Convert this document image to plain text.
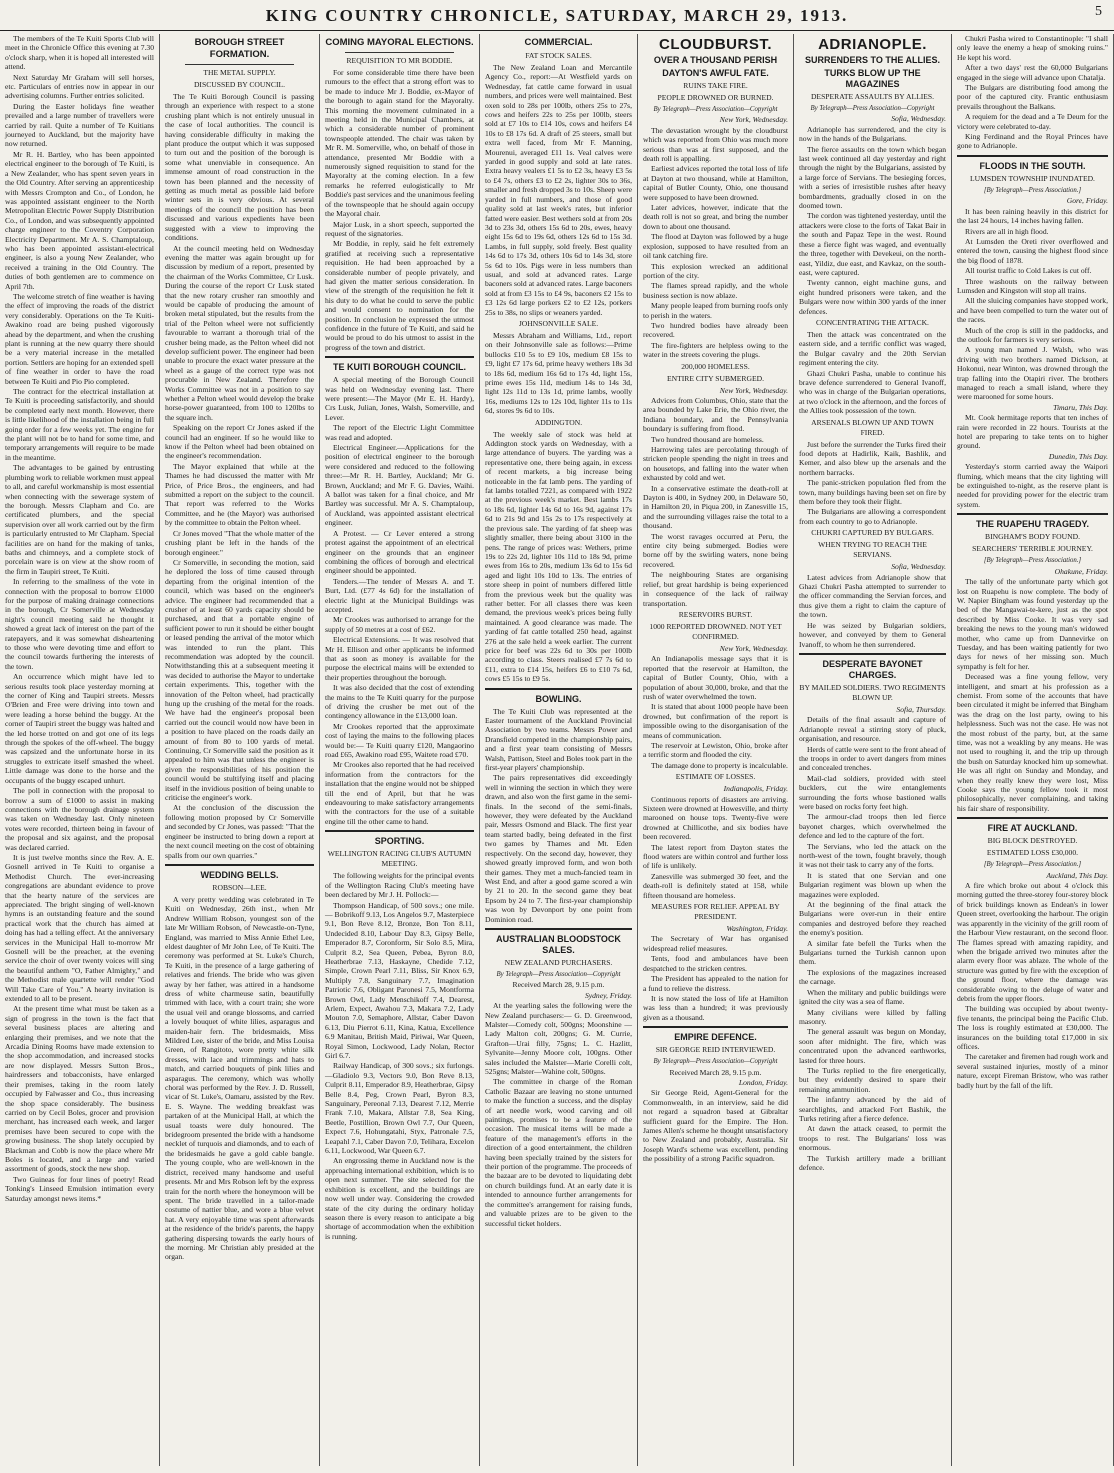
KING COUNTRY CHRONICLE, SATURDAY, MARCH 29, 1913.	5

The members of the Te Kuiti Sports Club will meet in the Chronicle Office this evening at 7.30 o'clock sharp, when it is hoped all interested will attend.

Next Saturday Mr Graham will sell horses, etc. Particulars of entries now in appear in our advertising columns. Further entries solicited.

During the Easter holidays fine weather prevailed and a large number of travellers were carried by rail. Quite a number of Te Kuitians journeyed to Auckland, but the majority have now returned.

Mr R. H. Bartley, who has been appointed electrical engineer to the borough of Te Kuiti, is a New Zealander, who has spent seven years in the Old Country. After serving an apprenticeship with Messrs Crompton and Co., of London, he was appointed assistant engineer to the North Metropolitan Electric Power Supply Distribution Co., of London, and was subsequently appointed charge engineer to the Coventry Corporation Electricity Department. Mr A. S. Champtaloup, who has been appointed assistant-electrical engineer, is also a young New Zealander, who received a training in the Old Country. The duties of both gentlemen are to commence on April 7th.

The welcome stretch of fine weather is having the effect of improving the roads of the district very considerably. Operations on the Te Kuiti-Awakino road are being pushed vigorously ahead by the department, and when the crushing plant is running at the new quarry there should be a very material increase in the metalled portion. Settlers are hoping for an extended spell of fine weather in order to have the road between Te Kuiti and Pio Pio completed.

The contract for the electrical installation at Te Kuiti is proceeding satisfactorily, and should be completed early next month. However, there is little likelihood of the installation being in full going order for a few weeks yet. The engine for the plant will not be to hand for some time, and temporary arrangements will require to be made in the meantime.

The advantages to be gained by entrusting plumbing work to reliable workmen must appeal to all, and careful workmanship is most essential when connecting with the sewerage system of the borough. Messrs Clapham and Co. are certificated plumbers, and the special supervision over all work carried out by the firm is particularly entrusted to Mr Clapham. Special facilities are on hand for the making of tanks, baths and chimneys, and a complete stock of porcelain ware is on view at the show room of the firm in Taupiri street, Te Kuiti.

In referring to the smallness of the vote in connection with the proposal to borrow £1000 for the purpose of making drainage connections in the borough, Cr Somerville at Wednesday night's council meeting said he thought it showed a great lack of interest on the part of the ratepayers, and it was somewhat disheartening to those who were devoting time and effort to the council towards furthering the interests of the town.

An occurrence which might have led to serious results took place yesterday morning at the corner of King and Taupiri streets. Messrs O'Brien and Free were driving into town and were leading a horse behind the buggy. At the corner of Taupiri street the buggy was halted and the led horse trotted on and got one of its legs through the spokes of the off-wheel. The buggy was capsized and the unfortunate horse in its struggles to extricate itself smashed the wheel. Little damage was done to the horse and the occupants of the buggy escaped unhurt.

The poll in connection with the proposal to borrow a sum of £1000 to assist in making connections with the borough drainage system was taken on Wednesday last. Only nineteen votes were recorded, thirteen being in favour of the proposal and six against, and the proposal was declared carried.

It is just twelve months since the Rev. A. E. Gosnell arrived in Te Kuiti to organise a Methodist Church. The ever-increasing congregations are abundant evidence to prove that the hearty nature of the services are appreciated. The bright singing of well-known hymns is an outstanding feature and the sound practical work that the church has aimed at doing has had a telling effect. At the anniversary services in the Municipal Hall to-morrow Mr Gosnell will be the preacher, at the evening service the choir of over twenty voices will sing the beautiful anthem "O, Father Almighty," and the Methodist male quartette will render "God Will Take Care of You." A hearty invitation is extended to all to be present.

At the present time what must be taken as a sign of progress in the town is the fact that several business places are altering and enlarging their premises, and we note that the Arcadia Dining Rooms have made extension to the shop accommodation, and increased stocks are now displayed. Messrs Sutton Bros., hairdressers and tobacconists, have enlarged their premises, taking in the room lately occupied by Falwasser and Co., thus increasing the shop space considerably. The business carried on by Cecil Boles, grocer and provision merchant, has increased each week, and larger premises have been secured to cope with the growing business. The shop lately occupied by Blackman and Cobb is now the place where Mr Boles is located, and a large and varied assortment of goods, stock the new shop.

Two Guineas for four lines of poetry! Read Tonking's Linseed Emulsion intimation every Saturday amongst news items.*

BOROUGH STREET FORMATION.
THE METAL SUPPLY.
DISCUSSED BY COUNCIL.

The Te Kuiti Borough Council is passing through an experience with respect to a stone crushing plant which is not entirely unusual in the case of local authorities. The council is having considerable difficulty in making the plant produce the output which it was supposed to turn out and the position of the borough is some what unenviable in consequence. An immense amount of road construction in the town has been planned and the necessity of getting as much metal as possible laid before winter sets in is very obvious. At several meetings of the council the position has been discussed and various expedients have been suggested with a view to improving the conditions.

At the council meeting held on Wednesday evening the matter was again brought up for discussion by medium of a report, presented by the chairman of the Works Committee, Cr Lusk. During the course of the report Cr Lusk stated that the new rotary crusher ran smoothly and would be capable of producing the amount of broken metal stipulated, but the results from the trial of the Pelton wheel were not sufficiently favourable to warrant a thorough trial of the crusher being made, as the Pelton wheel did not develop sufficient power. The engineer had been unable to procure the exact water pressure at the wheel as a gauge of the correct type was not procurable in New Zealand. Therefore the Works Committee was not in a position to say whether a Pelton wheel would develop the brake horse-power guaranteed, from 100 to 120lbs to the square inch.

Speaking on the report Cr Jones asked if the council had an engineer. If so he would like to know if the Pelton wheel had been obtained on the engineer's recommendation.

The Mayor explained that while at the Thames he had discussed the matter with Mr Price, of Price Bros., the engineers, and had submitted a report on the subject to the council. That report was referred to the Works Committee, and he (the Mayor) was authorised by the committee to obtain the Pelton wheel.

Cr Jones moved "That the whole matter of the crushing plant be left in the hands of the borough engineer."

Cr Somerville, in seconding the motion, said he deplored the loss of time caused through departing from the original intention of the council, which was based on the engineer's advice. The engineer had recommended that a crusher of at least 60 yards capacity should be purchased, and that a portable engine of sufficient power to run it should be either bought or leased pending the arrival of the motor which was intended to run the plant. This recommendation was adopted by the council. Notwithstanding this at a subsequent meeting it was decided to authorise the Mayor to undertake certain experiments. This, together with the innovation of the Pelton wheel, had practically hung up the crushing of the metal for the roads. We have had the engineer's proposal been carried out the council would now have been in a position to have placed on the roads daily an amount of from 80 to 100 yards of metal. Continuing, Cr Somerville said the position as it appealed to him was that unless the engineer is given the responsibilities of his position the council would be stultifying itself and placing itself in the invidious position of being unable to criticise the engineer's work.

At the conclusion of the discussion the following motion proposed by Cr Somerville and seconded by Cr Jones, was passed: "That the engineer be instructed to bring down a report at the next council meeting on the cost of obtaining spalls from our own quarries."

WEDDING BELLS.
ROBSON—LEE.

A very pretty wedding was celebrated in Te Kuiti on Wednesday, 26th inst., when Mr Andrew William Robson, youngest son of the late Mr William Robson, of Newcastle-on-Tyne, England, was married to Miss Annie Ethel Lee, eldest daughter of Mr John Lee, of Te Kuiti. The ceremony was performed at St. Luke's Church, Te Kuiti, in the presence of a large gathering of relatives and friends. The bride who was given away by her father, was attired in a handsome dress of white charmeuse satin, beautifully trimmed with lace, with a court train; she wore the usual veil and orange blossoms, and carried a lovely bouquet of white lilies, asparagus and maiden-hair fern. The bridesmaids, Miss Mildred Lee, sister of the bride, and Miss Louisa Green, of Rangitoto, wore pretty white silk dresses, with lace and trimmings and hats to match, and carried bouquets of pink lilies and asparagus. The ceremony, which was wholly choral was performed by the Rev. J. D. Russell, vicar of St. Luke's, Oamaru, assisted by the Rev. E. S. Wayne. The wedding breakfast was partaken of at the Municipal Hall, at which the usual toasts were duly honoured. The bridegroom presented the bride with a handsome necklet of turquois and diamonds, and to each of the bridesmaids he gave a gold cable bangle. The young couple, who are well-known in the district, received many handsome and useful presents. Mr and Mrs Robson left by the express train for the north where the honeymoon will be spent. The bride travelled in a tailor-made costume of nattier blue, and wore a blue velvet hat. A very enjoyable time was spent afterwards at the residence of the bride's parents, the happy gathering dispersing towards the early hours of the morning. Mr Christian ably presided at the organ.

COMING MAYORAL ELECTIONS.
REQUISITION TO MR BODDIE.

For some considerable time there have been rumours to the effect that a strong effort was to be made to induce Mr J. Boddie, ex-Mayor of the borough to again stand for the Mayoralty. This morning the movement culminated in a meeting held in the Municipal Chambers, at which a considerable number of prominent townspeople attended. The chair was taken by Mr R. M. Somerville, who, on behalf of those in attendance, presented Mr Boddie with a numerously signed requisition to stand for the Mayoralty at the coming election. In a few remarks he referred eulogistically to Mr Boddie's past services and the unanimous feeling of the townspeople that he should again occupy the Mayoral chair.

Major Lusk, in a short speech, supported the request of the signatories.

Mr Boddie, in reply, said he felt extremely gratified at receiving such a representative requisition. He had been approached by a considerable number of people privately, and had given the matter serious consideration. In view of the strength of the requisition he felt it his duty to do what he could to serve the public and would consent to nomination for the position. In conclusion he expressed the utmost confidence in the future of Te Kuiti, and said he would be proud to do his utmost to assist in the progress of the town and district.

TE KUITI BOROUGH COUNCIL.

A special meeting of the Borough Council was held on Wednesday evening last. There were present:—The Mayor (Mr E. H. Hardy), Crs Lusk, Julian, Jones, Walsh, Somerville, and Lever.

The report of the Electric Light Committee was read and adopted.

Electrical Engineer.—Applications for the position of electrical engineer to the borough were considered and reduced to the following three:—Mr R. H. Bartley, Auckland; Mr G. Brown, Auckland; and Mr F. G. Davies, Waihi. A ballot was taken for a final choice, and Mr Bartley was successful. Mr A. S. Champtaloup, of Auckland, was appointed assistant electrical engineer.

A Protest. — Cr Lever entered a strong protest against the appointment of an electrical engineer on the grounds that an engineer combining the offices of borough and electrical engineer should be appointed.

Tenders.—The tender of Messrs A. and T. Burt, Ltd. (£77 4s 6d) for the installation of electric light at the Municipal Buildings was accepted.

Mr Crookes was authorised to arrange for the supply of 50 metres at a cost of £62.

Electrical Extensions. — It was resolved that Mr H. Ellison and other applicants be informed that as soon as money is available for the purpose the electrical mains will be extended to their properties throughout the borough.

It was also decided that the cost of extending the mains to the Te Kuiti quarry for the purpose of driving the crusher be met out of the contingency allowance in the £13,000 loan.

Mr Crookes reported that the approximate cost of laying the mains to the following places would be:— Te Kuiti quarry £120, Mangaorino road £65, Awakino road £95, Waitete road £70.

Mr Crookes also reported that he had received information from the contractors for the installation that the engine would not be shipped till the end of April, but that he was endeavouring to make satisfactory arrangements with the contractors for the use of a suitable engine till the other came to hand.

SPORTING.
WELLINGTON RACING CLUB'S AUTUMN MEETING.

The following weights for the principal events of the Wellington Racing Club's meeting have been declared by Mr J. H. Pollock:—

Thompson Handicap, of 500 sovs.; one mile.— Bobrikoff 9.13, Los Angelos 9.7, Masterpiece 9.1, Bon Reve 8.12, Bronze, Bon Ton 8.11, Undecided 8.10, Labour Day 8.3, Gipsy Belle, Emperador 8.7, Coronform, Sir Solo 8.5, Mira, Culprit 8.2, Sea Queen, Pebea, Byron 8.0, Heatherbrae 7.13, Haskayne, Chedide 7.12, Simple, Crown Pearl 7.11, Bliss, Sir Knox 6.9, Multiply 7.8, Sanguinary 7.7, Imagination Patriotic 7.6, Obligant Paronesi 7.5, Montforma Brown Owl, Lady Menschikoff 7.4, Dearest, Arlem, Expect, Awahou 7.3, Makara 7.2, Lady Mouton 7.0, Semaphore, Allstar, Caber Davon 6.13, Diu Pierrot 6.11, Kina, Katua, Excellence 6.9 Manitau, British Maid, Piriwai, War Queen, Royal Simon, Lockwood, Lady Nolan, Rector Girl 6.7.

Railway Handicap, of 300 sovs.; six furlongs.—Gladiolo 9.3, Vectors 9.0, Bon Reve 8.13, Culprit 8.11, Emperador 8.9, Heatherbrae, Gipsy Belle 8.4, Peg, Crown Pearl, Byron 8.3, Sanguinary, Pereonal 7.13, Dearest 7.12, Merrie Frank 7.10, Makara, Allstar 7.8, Sea King, Beetle, Postillion, Brown Owl 7.7, Our Queen, Expect 7.6, Hohungatahi, Styx, Patronale 7.5, Leapahl 7.1, Caber Davon 7.0, Telihara, Excelon 6.11, Lockwood, War Queen 6.7.

An engrossing theme in Auckland now is the approaching international exhibition, which is to open next summer. The site selected for the exhibition is excellent, and the buildings are now well under way. Considering the crowded state of the city during the ordinary holiday season there is every reason to anticipate a big shortage of accommodation when the exhibition is running.

COMMERCIAL.
FAT STOCK SALES.

The New Zealand Loan and Mercantile Agency Co., report:—At Westfield yards on Wednesday, fat cattle came forward in usual numbers, and prices were well maintained. Best oxen sold to 28s per 100lb, others 25s to 27s, cows and heifers 22s to 25s per 100lb, steers sold at £7 10s to £14 10s, cows and heifers £4 10s to £8 17s 6d. A draft of 25 steers, small but extra well faced, from Mr F. Manning, Mourenui, averaged £11 1s. Veal calves were yarded in good supply and sold at late rates. Extra heavy vealers £1 5s to £2 3s, heavy £3 5s to £4 7s, others £3 to £2 2s, lighter 30s to 36s, smaller and fresh dropped 3s to 10s. Sheep were yarded in full numbers, and those of good quality sold at last week's rates, but inferior fatted were easier. Best wethers sold at from 20s 3d to 23s 3d, others 15s 6d to 20s, ewes, heavy eight 15s 6d to 19s 6d, others 12s 6d to 15s 3d. Lambs, in full supply, sold freely. Best quality 14s 6d to 17s 3d, others 10s 6d to 14s 3d, store 5s 6d to 10s. Pigs were in less numbers than usual, and sold at advanced rates. Large baconers sold at advanced rates. Large baconers sold at from £3 15s to £4 9s, baconers £2 15s to £3 12s 6d large porkers £2 to £2 12s, porkers 25s to 38s, no slips or weaners yarded.

JOHNSONVILLE SALE.

Messrs Abraham and Williams, Ltd., report on their Johnsonville sale as follows:—Prime bullocks £10 5s to £9 10s, medium £8 15s to £9, light £7 17s 6d, prime heavy wethers 18s 3d to 18s 6d, medium 16s 6d to 17s 4d, light 15s, prime ewes 15s 11d, medium 14s to 14s 3d, light 12s 11d to 13s 1d, prime lambs, woolly 16s, mediums 12s to 12s 10d, lighter 11s to 11s 6d, stores 9s 6d to 10s.

ADDINGTON.

The weekly sale of stock was held at Addington stock yards on Wednesday, with a large attendance of buyers. The yarding was a representative one, there being again, in excess of recent markets, a big increase being noticeable in the fat lamb pens. The yarding of fat lambs totalled 7221, as compared with 1922 at the previous week's market. Best lambs 17s to 18s 6d, lighter 14s 6d to 16s 9d, against 17s 6d to 21s 9d and 15s 2s to 17s respectively at the previous sale. The yarding of fat sheep was slightly smaller, there being about 3100 in the pens. The range of prices was: Wethers, prime 19s to 22s 2d, lighter 10s 11d to 18s 9d, prime ewes from 16s to 20s, medium 13s 6d to 15s 6d aged and light 10s 10d to 13s. The entries of store sheep in point of numbers differed little from the previous week but the quality was rather better. For all classes there was keen demand, the previous week's prices being fully maintained. A good clearance was made. The yarding of fat cattle totalled 250 head, against 276 at the sale held a week earlier. The current price for beef was 22s 6d to 30s per 100lb according to class. Steers realised £7 7s 6d to £11, extra to £14 15s, heifers £6 to £10 7s 6d, cows £5 15s to £9 5s.

BOWLING.

The Te Kuiti Club was represented at the Easter tournament of the Auckland Provincial Association by two teams. Messrs Power and Dransfield competed in the championship pairs, and a first year team consisting of Messrs Walsh, Pattison, Steel and Boles took part in the first-year players' championship.

The pairs representatives did exceedingly well in winning the section in which they were drawn, and also won the first game in the semi-finals. In the second of the semi-finals, however, they were defeated by the Auckland pair, Messrs Osmond and Black. The first year team started badly, being defeated in the first two games by Thames and Mt. Eden respectively. On the second day, however, they showed greatly improved form, and won both their games. They met a much-fancied team in West End, and after a good game scored a win by 21 to 20. In the second game they beat Epsom by 24 to 7. The first-year championship was won by Devonport by one point from Dominion road.

AUSTRALIAN BLOODSTOCK SALES.
NEW ZEALAND PURCHASERS.

By Telegraph—Press Association—Copyright

Received March 28, 9.15 p.m.

Sydney, Friday.

At the yearling sales the following were the New Zealand purchasers:— G. D. Greenwood, Malster—Comedy colt, 500gns; Moonshine — Lady Malton colt, 200gns; G. M. Currie, Grafton—Urai filly, 75gns; L. C. Hazlitt, Sylvanite—Jenny Moore colt, 100gns. Other sales included the Malster—Marie Corelli colt, 525gns; Malster—Wahine colt, 500gns.

The committee in charge of the Roman Catholic Bazaar are leaving no stone unturned to make the function a success, and the display of art needle work, wood carving and oil paintings, promises to be a feature of the occasion. The musical items will be made a feature of the management's efforts in the direction of a good entertainment, the children having been specially trained by the sisters for their portion of the programme. The proceeds of the bazaar are to be devoted to liquidating debt on church buildings fund. At an early date it is intended to announce further arrangements for the committee's arrangement for raising funds, and valuable prizes are to be given to the successful ticket holders.

CLOUDBURST.
OVER A THOUSAND PERISH
DAYTON'S AWFUL FATE.
RUINS TAKE FIRE.
PEOPLE DROWNED OR BURNED.

By Telegraph—Press Association—Copyright

New York, Wednesday.

The devastation wrought by the cloudburst which was reported from Ohio was much more serious than was at first supposed, and the death roll is appalling.

Earliest advices reported the total loss of life at Dayton at two thousand, while at Hamilton, capital of Butler County, Ohio, one thousand were supposed to have been drowned.

Later advices, however, indicate that the death roll is not so great, and bring the number down to about one thousand.

The flood at Dayton was followed by a huge explosion, supposed to have resulted from an oil tank catching fire.

This explosion wrecked an additional portion of the city.

The flames spread rapidly, and the whole business section is now ablaze.

Many people leaped from burning roofs only to perish in the waters.

Two hundred bodies have already been recovered.

The fire-fighters are helpless owing to the water in the streets covering the plugs.

200,000 HOMELESS.
ENTIRE CITY SUBMERGED.

New York, Wednesday.

Advices from Columbus, Ohio, state that the area bounded by Lake Erie, the Ohio river, the Indiana boundary, and the Pennsylvania boundary is suffering from flood.

Two hundred thousand are homeless.

Harrowing tales are percolating through of stricken people spending the night in trees and on housetops, and falling into the water when exhausted by cold and wet.

In a conservative estimate the death-roll at Dayton is 400, in Sydney 200, in Delaware 50, in Hamilton 20, in Piqua 200, in Zanesville 15, and the surrounding villages raise the total to a thousand.

The worst ravages occurred at Peru, the entire city being submerged. Bodies were borne off by the swirling waters, none being recovered.

The neighbouring States are organising relief, but great hardship is being experienced in consequence of the lack of railway transportation.

RESERVOIRS BURST.
1000 REPORTED DROWNED. NOT YET CONFIRMED.

New York, Wednesday.

An Indianapolis message says that it is reported that the reservoir at Hamilton, the capital of Butler County, Ohio, with a population of about 30,000, broke, and that the rush of water overwhelmed the town.

It is stated that about 1000 people have been drowned, but confirmation of the report is impossible owing to the disorganisation of the means of communication.

The reservoir at Lewiston, Ohio, broke after a terrific storm and flooded the city.

The damage done to property is incalculable.

ESTIMATE OF LOSSES.

Indianapolis, Friday.

Continuous reports of disasters are arriving. Sixteen were drowned at Howesville, and thirty marooned on house tops. Twenty-five were drowned at Chillicothe, and six bodies have been recovered.

The latest report from Dayton states the flood waters are within control and further loss of life is unlikely.

Zanesville was submerged 30 feet, and the death-roll is definitely stated at 158, while fifteen thousand are homeless.

MEASURES FOR RELIEF. APPEAL BY PRESIDENT.

Washington, Friday.

The Secretary of War has organised widespread relief measures.

Tents, food and ambulances have been despatched to the stricken centres.

The President has appealed to the nation for a fund to relieve the distress.

It is now stated the loss of life at Hamilton was less than a hundred; it was previously given as a thousand.

EMPIRE DEFENCE.
SIR GEORGE REID INTERVIEWED.

By Telegraph—Press Association—Copyright

Received March 28, 9.15 p.m.

London, Friday.

Sir George Reid, Agent-General for the Commonwealth, in an interview, said he did not regard a squadron based at Gibraltar sufficient guard for the Empire. The Hon. James Allen's scheme he thought unsatisfactory to New Zealand and probably, Australia. Sir Joseph Ward's scheme was excellent, pending the possibility of a strong Pacific squadron.

ADRIANOPLE.
SURRENDERS TO THE ALLIES.
TURKS BLOW UP THE MAGAZINES
DESPERATE ASSAULTS BY ALLIES.

By Telegraph—Press Association—Copyright

Sofia, Wednesday.

Adrianople has surrendered, and the city is now in the hands of the Bulgarians.

The fierce assaults on the town which began last week continued all day yesterday and right through the night by the Bulgarians, assisted by a large force of Servians. The besieging forces, with a series of irresistible rushes after heavy bombardments, gradually closed in on the doomed town.

The cordon was tightened yesterday, until the attackers were close to the forts of Takat Bair in the south and Papaz Tepe in the west. Round these a fierce fight was waged, and eventually the three, together with Devekeui, on the north-east, Yildiz, due east, and Kavkaz, on the south-east, were captured.

Twenty cannon, eight machine guns, and eight hundred prisoners were taken, and the Bulgars were now within 300 yards of the inner defences.

CONCENTRATING THE ATTACK.

Then the attack was concentrated on the eastern side, and a terrific conflict was waged, the Bulgar cavalry and the 20th Servian regiment entering the city.

Ghazi Chukri Pasha, unable to continue his brave defence surrendered to General Ivanoff, who was in charge of the Bulgarian operations, at two o'clock in the afternoon, and the forces of the Allies took possession of the town.

ARSENALS BLOWN UP AND TOWN FIRED.

Just before the surrender the Turks fired their food depots at Hadirlik, Kaik, Bashlik, and Kemer, and also blew up the arsenals and the northern barracks.

The panic-stricken population fled from the town, many buildings having been set on fire by them before they took their flight.

The Bulgarians are allowing a correspondent from each country to go to Adrianople.

CHUKRI CAPTURED BY BULGARS.
WHEN TRYING TO REACH THE SERVIANS.

Sofia, Wednesday.

Latest advices from Adrianople show that Ghazi Chukri Pasha attempted to surrender to the officer commanding the Servian forces, and thus give them a right to claim the capture of the town.

He was seized by Bulgarian soldiers, however, and conveyed by them to General Ivanoff, to whom he then surrendered.

DESPERATE BAYONET CHARGES.
BY MAILED SOLDIERS. TWO REGIMENTS BLOWN UP.

Sofia, Thursday.

Details of the final assault and capture of Adrianople reveal a stirring story of pluck, organisation, and resource.

Herds of cattle were sent to the front ahead of the troops in order to avert dangers from mines and concealed trenches.

Mail-clad soldiers, provided with steel bucklers, cut the wire entanglements surrounding the forts whose bastioned walls were based on rocks forty feet high.

The armour-clad troops then led fierce bayonet charges, which overwhelmed the defence and led to the capture of the fort.

The Servians, who led the attack on the north-west of the town, fought bravely, though it was not their task to carry any of the forts.

It is stated that one Servian and one Bulgarian regiment was blown up when the magazines were exploded.

At the beginning of the final attack the Bulgarians were over-run in their entire companies and destroyed before they reached the enemy's position.

A similar fate befell the Turks when the Bulgarians turned the Turkish cannon upon them.

The explosions of the magazines increased the carnage.

When the military and public buildings were ignited the city was a sea of flame.

Many civilians were killed by falling masonry.

The general assault was begun on Monday, soon after midnight. The fire, which was concentrated upon the advanced earthworks, lasted for three hours.

The Turks replied to the fire energetically, but they evidently desired to spare their remaining ammunition.

The infantry advanced by the aid of searchlights, and attacked Fort Bashik, the Turks retiring after a fierce defence.

At dawn the attack ceased, to permit the troops to rest. The Bulgarians' loss was enormous.

The Turkish artillery made a brilliant defence.

Chukri Pasha wired to Constantinople: "I shall only leave the enemy a heap of smoking ruins." He kept his word.

After a two days' rest the 60,000 Bulgarians engaged in the siege will advance upon Chatalja.

The Bulgars are distributing food among the poor of the captured city. Frantic enthusiasm prevails throughout the Balkans.

A requiem for the dead and a Te Deum for the victory were celebrated to-day.

King Ferdinand and the Royal Princes have gone to Adrianople.

FLOODS IN THE SOUTH.
LUMSDEN TOWNSHIP INUNDATED.

[By Telegraph—Press Association.]

Gore, Friday.

It has been raining heavily in this district for the last 24 hours, 14 inches having fallen.

Rivers are all in high flood.

At Lumsden the Oreti river overflowed and entered the town, causing the highest flood since the big flood of 1878.

All tourist traffic to Cold Lakes is cut off.

Three washouts on the railway between Lumsden and Kingston will stop all trains.

All the sluicing companies have stopped work, and have been compelled to turn the water out of the races.

Much of the crop is still in the paddocks, and the outlook for farmers is very serious.

A young man named J. Walsh, who was driving with two brothers named Dickson, at Hokonui, near Winton, was drowned through the trap falling into the Otapiri river. The brothers managed to reach a small island, where they were marooned for some hours.

Timaru, This Day.

Mt. Cook hermitage reports that ten inches of rain were recorded in 22 hours. Tourists at the hotel are preparing to take tents on to higher ground.

Dunedin, This Day.

Yesterday's storm carried away the Waipori fluming, which means that the city lighting will be extinguished to-night, as the reserve plant is needed for providing power for the electric tram system.

THE RUAPEHU TRAGEDY.
BINGHAM'S BODY FOUND.
SEARCHERS' TERRIBLE JOURNEY.

[By Telegraph—Press Association.]

Ohakune, Friday.

The tally of the unfortunate party which got lost on Ruapehu is now complete. The body of W. Napier Bingham was found yesterday up the bed of the Mangawai-te-kere, just as the spot described by Miss Cooke. It was very sad breaking the news to the young man's widowed mother, who came up from Dannevirke on Tuesday, and has been waiting patiently for two days for news of her missing son. Much sympathy is felt for her.

Deceased was a fine young fellow, very intelligent, and smart at his profession as a chemist. From some of the accounts that have been circulated it might be inferred that Bingham was the drag on the lost party, owing to his helplessness. Such was not the case. He was not the most robust of the party, but, at the same time, was not a weakling by any means. He was not used to roughing it, and the trip up through the bush on Saturday knocked him up somewhat. He was all right on Sunday and Monday, and when they really knew they were lost, Miss Cooke says the young fellow took it most philosophically, never complaining, and taking his fair share of responsibility.

FIRE AT AUCKLAND.
BIG BLOCK DESTROYED.
ESTIMATED LOSS £30,000.

[By Telegraph—Press Association.]

Auckland, This Day.

A fire which broke out about 4 o'clock this morning gutted the three-storey four-storey block of brick buildings known as Endean's in lower Queen street, overlooking the harbour. The origin was apparently in the vicinity of the grill room of the Harbour View restaurant, on the second floor. The flames spread with amazing rapidity, and when the brigade arrived two minutes after the alarm every floor was ablaze. The whole of the structure was gutted by fire with the exception of the ground floor, where the damage was considerable owing to the deluge of water and debris from the upper floors.

The building was occupied by about twenty-five tenants, the principal being the Pacific Club. The loss is roughly estimated at £30,000. The insurances on the building total £17,000 in six offices.

The caretaker and firemen had rough work and several sustained injuries, mostly of a minor nature, except Fireman Bristow, who was rather badly hurt by the fall of the lift.
